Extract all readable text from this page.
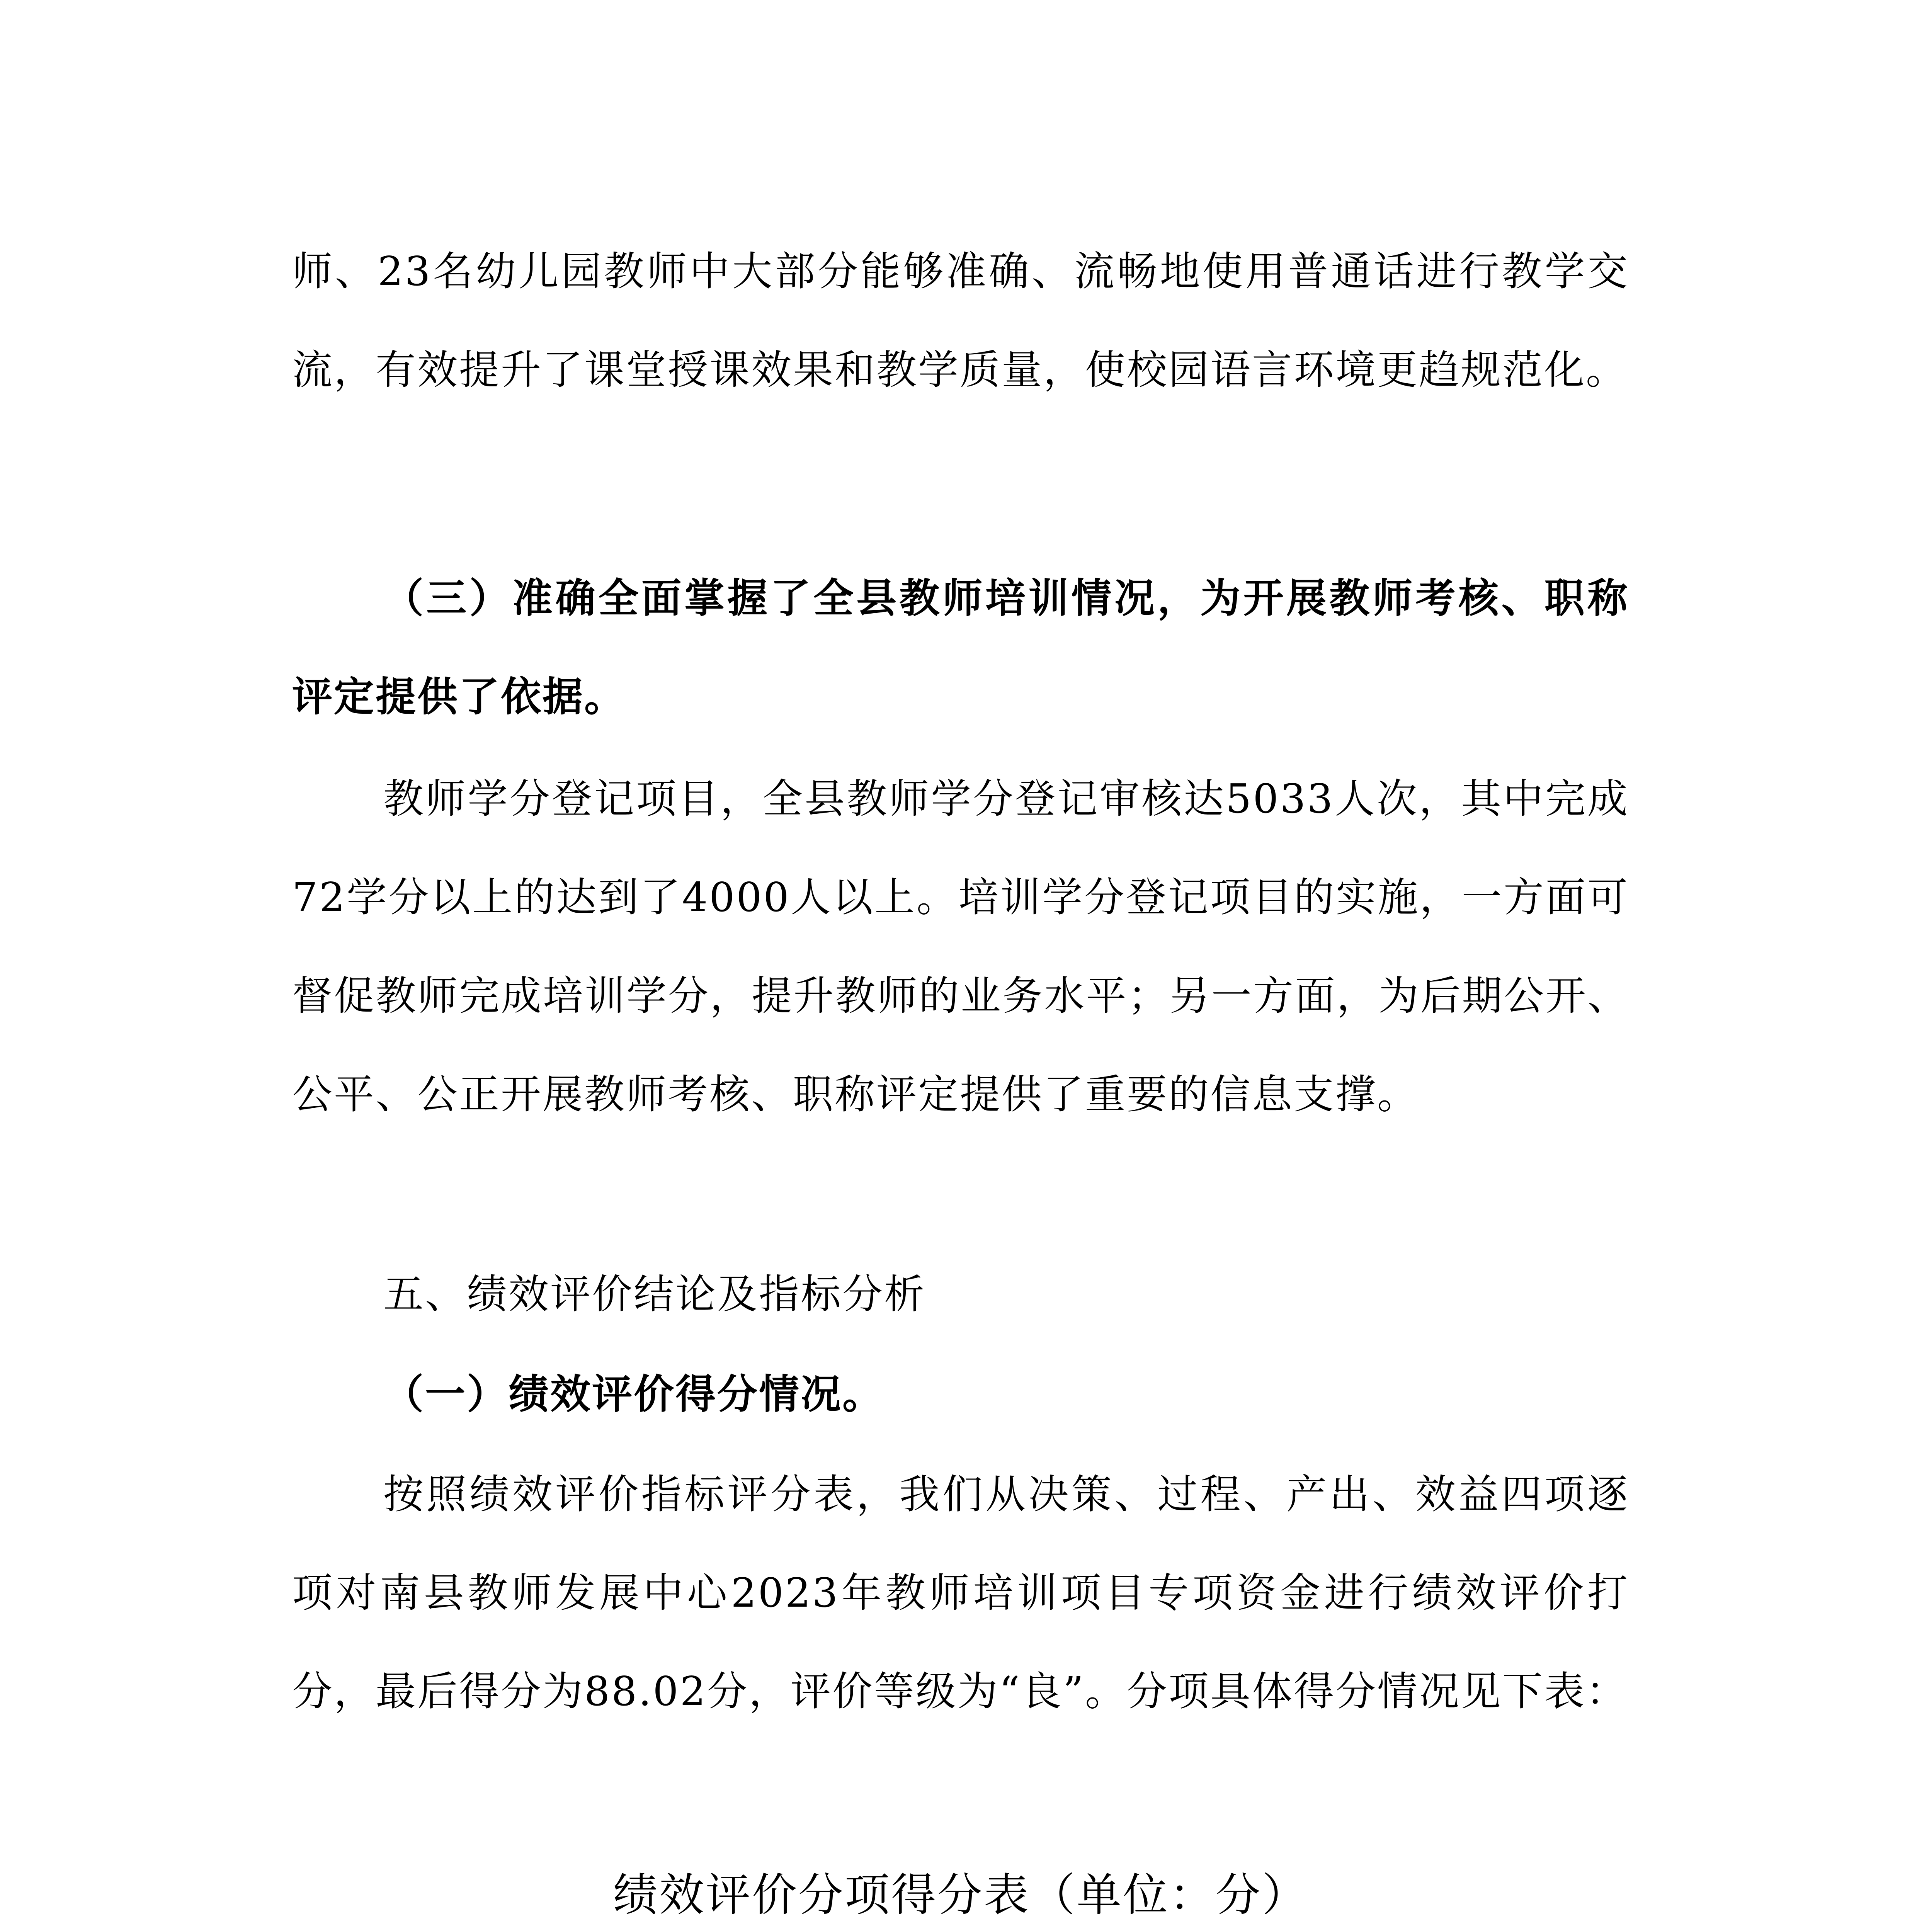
师、23名幼儿园教师中大部分能够准确、流畅地使用普通话进行教学交流，有效提升了课堂授课效果和教学质量，使校园语言环境更趋规范化。

（三）准确全面掌握了全县教师培训情况，为开展教师考核、职称评定提供了依据。

教师学分登记项目，全县教师学分登记审核达5033人次，其中完成72学分以上的达到了4000人以上。培训学分登记项目的实施，一方面可督促教师完成培训学分，提升教师的业务水平；另一方面，为后期公开、公平、公正开展教师考核、职称评定提供了重要的信息支撑。

五、绩效评价结论及指标分析

（一）绩效评价得分情况。

按照绩效评价指标评分表，我们从决策、过程、产出、效益四项逐项对南县教师发展中心2023年教师培训项目专项资金进行绩效评价打分，最后得分为88.02分，评价等级为“良”。分项具体得分情况见下表：

绩效评价分项得分表（单位：分）
